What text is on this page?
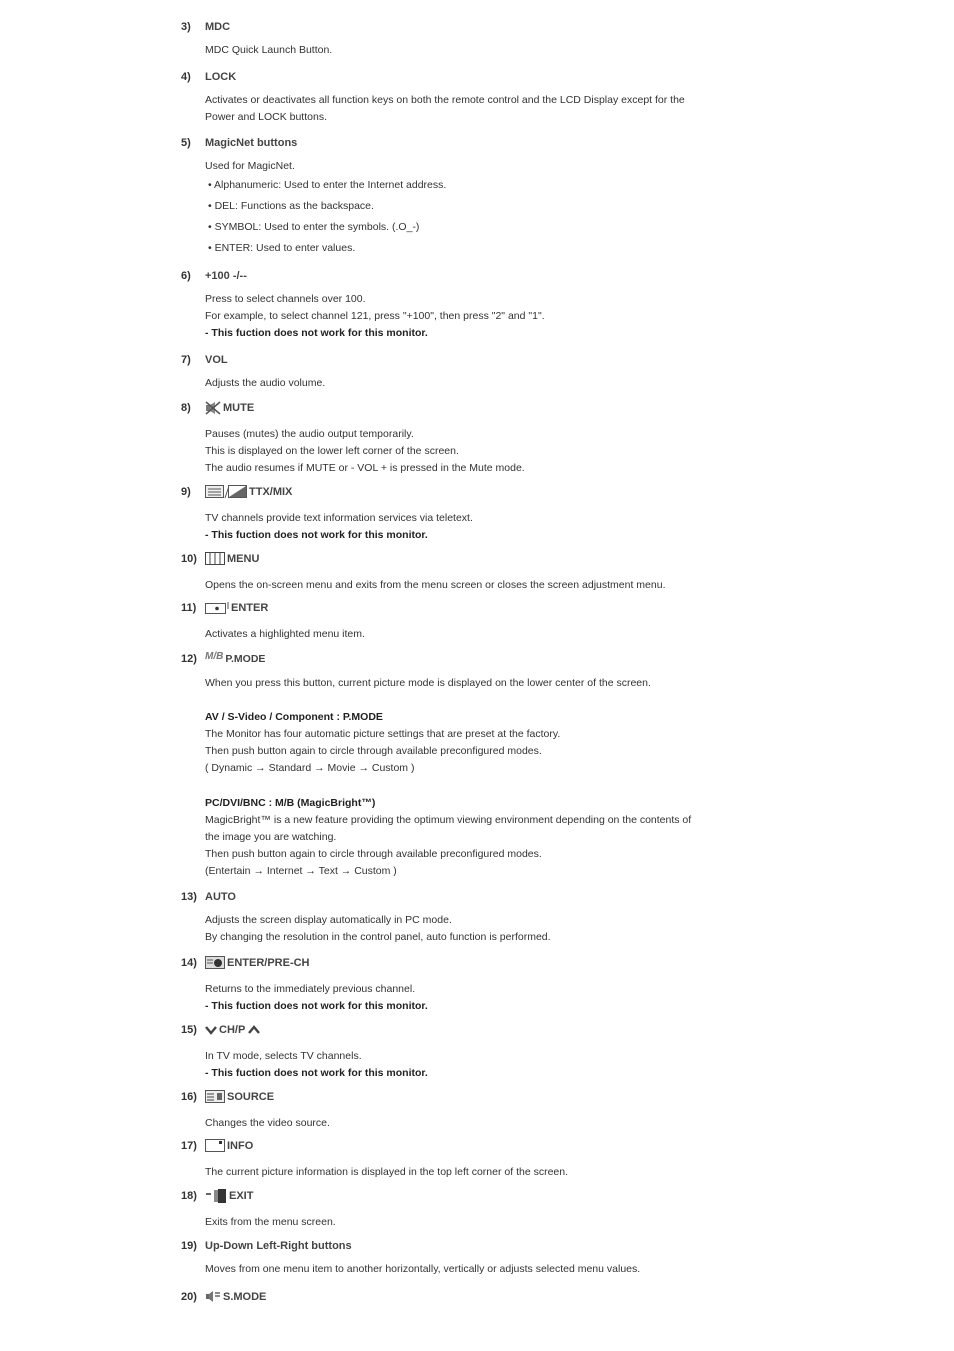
3)	MDC

MDC Quick Launch Button.

4)	LOCK

Activates or deactivates all function keys on both the remote control and the LCD Display except for the

Power and LOCK buttons.

5)	MagicNet buttons

Used for MagicNet.

• Alphanumeric: Used to enter the Internet address.

• DEL: Functions as the backspace.

• SYMBOL: Used to enter the symbols. (.O_-)

• ENTER: Used to enter values.

6)	+100 -/--

Press to select channels over 100.

For example, to select channel 121, press "+100", then press "2" and "1".

- This fuction does not work for this monitor.

7)	VOL

Adjusts the audio volume.

8)	MUTE

Pauses (mutes) the audio output temporarily.

This is displayed on the lower left corner of the screen.

The audio resumes if MUTE or - VOL + is pressed in the Mute mode.

9)	TTX/MIX

TV channels provide text information services via teletext.

- This fuction does not work for this monitor.

10)	MENU

Opens the on-screen menu and exits from the menu screen or closes the screen adjustment menu.

11)	ENTER

Activates a highlighted menu item.

12) M/B P.MODE

When you press this button, current picture mode is displayed on the lower center of the screen.

AV / S-Video / Component : P.MODE

The Monitor has four automatic picture settings that are preset at the factory.

Then push button again to circle through available preconfigured modes.

( Dynamic → Standard → Movie → Custom )

PC/DVI/BNC : M/B (MagicBright™)

MagicBright™ is a new feature providing the optimum viewing environment depending on the contents of

the image you are watching.

Then push button again to circle through available preconfigured modes.

(Entertain → Internet → Text → Custom )

13) AUTO

Adjusts the screen display automatically in PC mode.

By changing the resolution in the control panel, auto function is performed.

14)	ENTER/PRE-CH

Returns to the immediately previous channel.

- This fuction does not work for this monitor.

15)	CH/P

In TV mode, selects TV channels.

- This fuction does not work for this monitor.

16)	SOURCE

Changes the video source.

17)	INFO

The current picture information is displayed in the top left corner of the screen.

18)	EXIT

Exits from the menu screen.

19) Up-Down Left-Right buttons

Moves from one menu item to another horizontally, vertically or adjusts selected menu values.

20)	S.MODE
